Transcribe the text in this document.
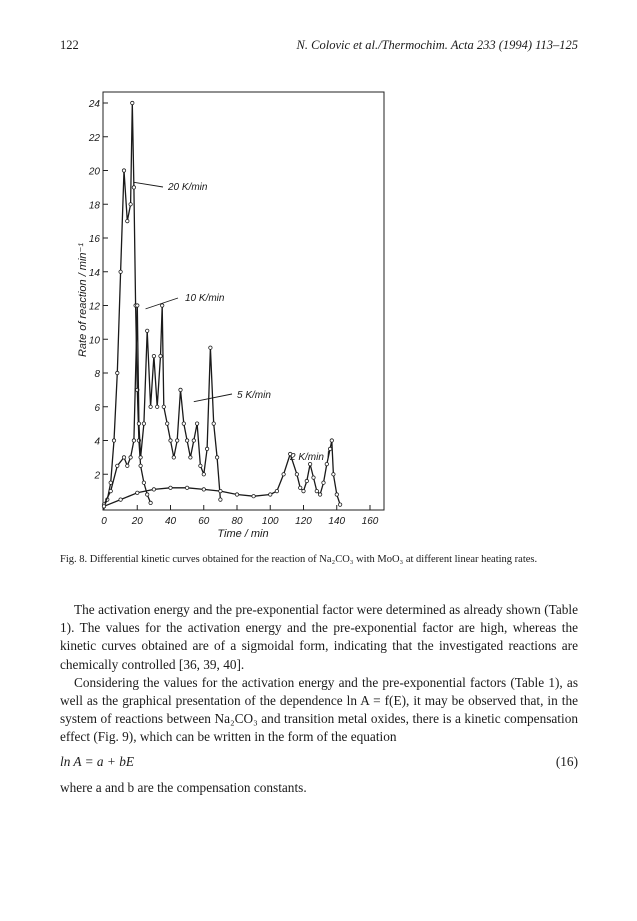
122	N. Colovic et al./Thermochim. Acta 233 (1994) 113–125
2
4
6
8
10
12
14
16
18
20
22
24
0 20 40 60 80 100 120 140 160
20 K/min
10 K/min
5 K/min
2 K/min
Rate of reaction / min⁻¹
Time / min
Fig. 8. Differential kinetic curves obtained for the reaction of Na₂CO₃ with MoO₃ at different linear heating rates.

The activation energy and the pre-exponential factor were determined as already shown (Table 1). The values for the activation energy and the pre-exponential factor are high, whereas the kinetic curves obtained are of a sigmoidal form, indicating that the investigated reactions are chemically controlled [36, 39, 40].

Considering the values for the activation energy and the pre-exponential factors (Table 1), as well as the graphical presentation of the dependence ln A = f(E), it may be observed that, in the system of reactions between Na₂CO₃ and transition metal oxides, there is a kinetic compensation effect (Fig. 9), which can be written in the form of the equation

ln A = a + bE	(16)

where a and b are the compensation constants.
